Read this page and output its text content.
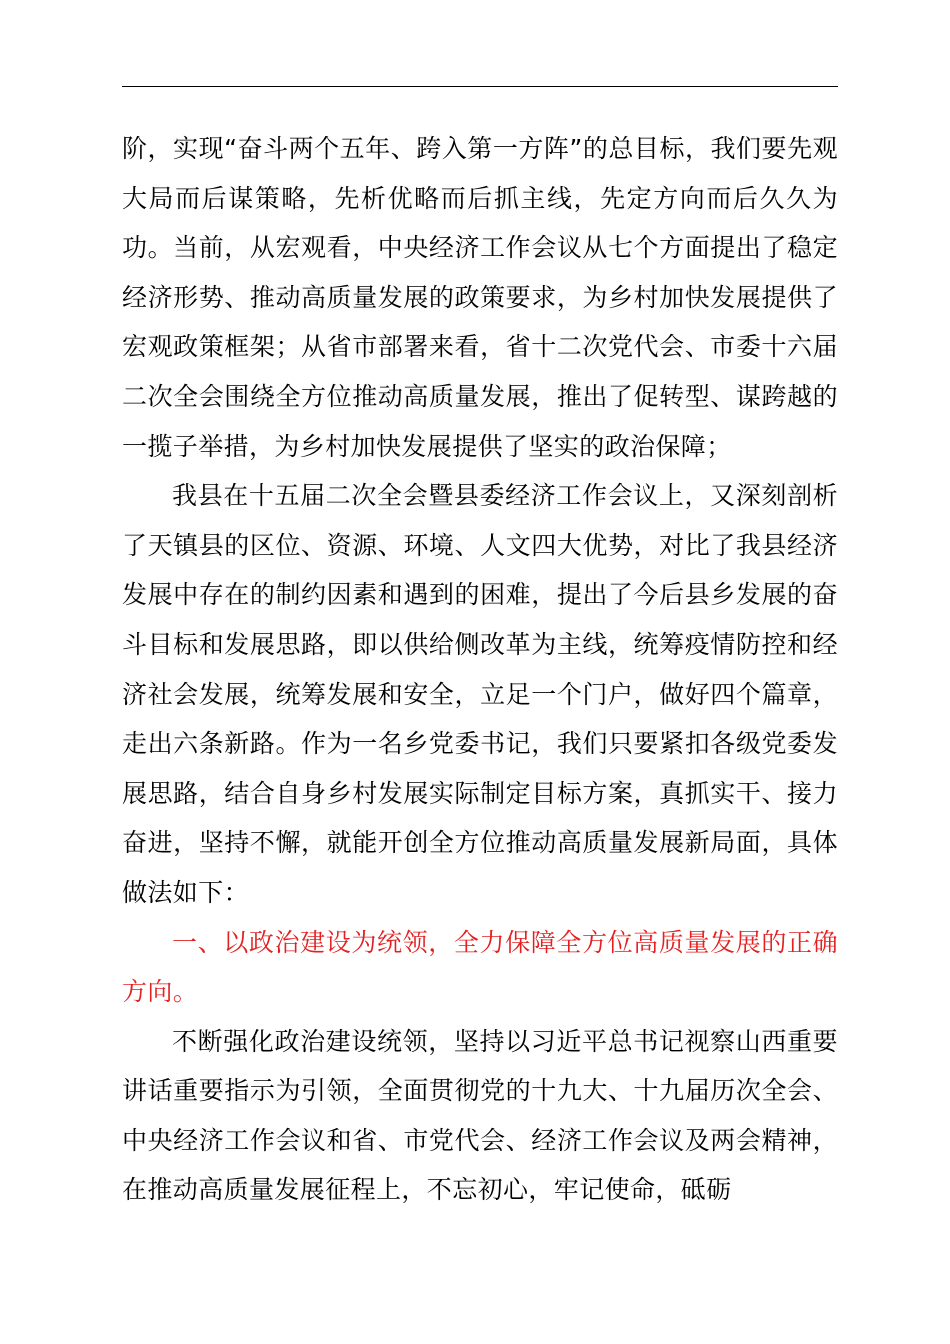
阶，实现“奋斗两个五年、跨入第一方阵”的总目标，我们要先观大局而后谋策略，先析优略而后抓主线，先定方向而后久久为功。当前，从宏观看，中央经济工作会议从七个方面提出了稳定经济形势、推动高质量发展的政策要求，为乡村加快发展提供了宏观政策框架；从省市部署来看，省十二次党代会、市委十六届二次全会围绕全方位推动高质量发展，推出了促转型、谋跨越的一揽子举措，为乡村加快发展提供了坚实的政治保障；

我县在十五届二次全会暨县委经济工作会议上，又深刻剖析了天镇县的区位、资源、环境、人文四大优势，对比了我县经济发展中存在的制约因素和遇到的困难，提出了今后县乡发展的奋斗目标和发展思路，即以供给侧改革为主线，统筹疫情防控和经济社会发展，统筹发展和安全，立足一个门户，做好四个篇章，走出六条新路。作为一名乡党委书记，我们只要紧扣各级党委发展思路，结合自身乡村发展实际制定目标方案，真抓实干、接力奋进，坚持不懈，就能开创全方位推动高质量发展新局面，具体做法如下：

一、以政治建设为统领，全力保障全方位高质量发展的正确方向。

不断强化政治建设统领，坚持以习近平总书记视察山西重要讲话重要指示为引领，全面贯彻党的十九大、十九届历次全会、中央经济工作会议和省、市党代会、经济工作会议及两会精神，在推动高质量发展征程上，不忘初心，牢记使命，砥砺
